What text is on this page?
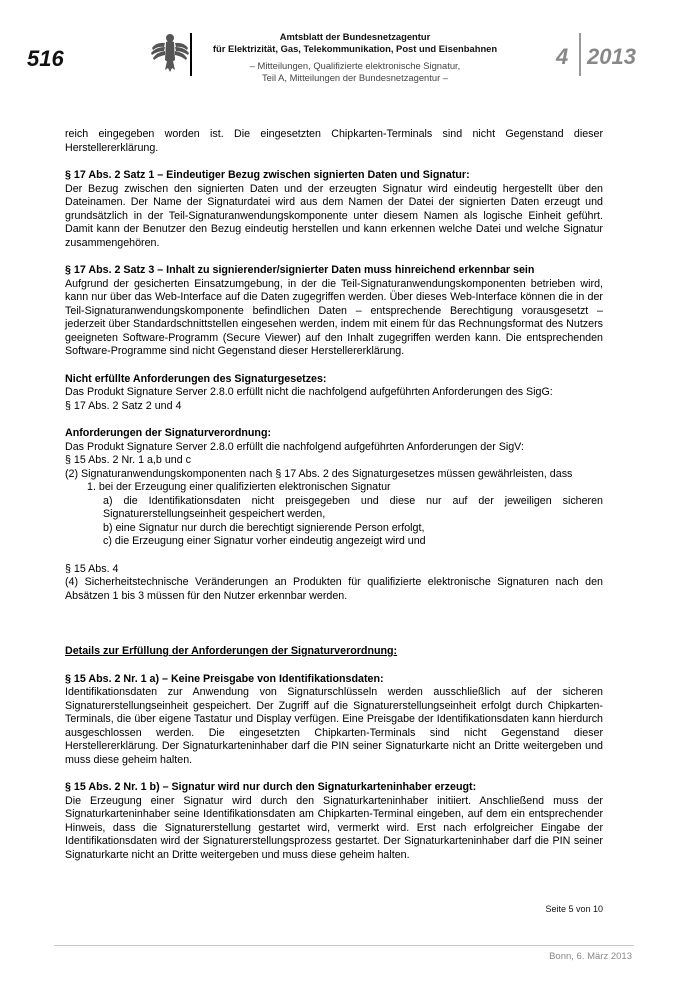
516
Amtsblatt der Bundesnetzagentur
für Elektrizität, Gas, Telekommunikation, Post und Eisenbahnen
– Mitteilungen, Qualifizierte elektronische Signatur,
Teil A, Mitteilungen der Bundesnetzagentur –
4 2013

reich eingegeben worden ist. Die eingesetzten Chipkarten-Terminals sind nicht Gegenstand dieser Herstellererklärung.

§ 17 Abs. 2 Satz 1 – Eindeutiger Bezug zwischen signierten Daten und Signatur:

Der Bezug zwischen den signierten Daten und der erzeugten Signatur wird eindeutig hergestellt über den Dateinamen. Der Name der Signaturdatei wird aus dem Namen der Datei der signierten Daten erzeugt und grundsätzlich in der Teil-Signaturanwendungskomponente unter diesem Namen als logische Einheit geführt. Damit kann der Benutzer den Bezug eindeutig herstellen und kann erkennen welche Datei und welche Signatur zusammengehören.

§ 17 Abs. 2 Satz 3 – Inhalt zu signierender/signierter Daten muss hinreichend erkennbar sein

Aufgrund der gesicherten Einsatzumgebung, in der die Teil-Signaturanwendungskomponenten betrieben wird, kann nur über das Web-Interface auf die Daten zugegriffen werden. Über dieses Web-Interface können die in der Teil-Signaturanwendungskomponente befindlichen Daten – entsprechende Berechtigung vorausgesetzt – jederzeit über Standardschnittstellen eingesehen werden, indem mit einem für das Rechnungsformat des Nutzers geeigneten Software-Programm (Secure Viewer) auf den Inhalt zugegriffen werden kann. Die entsprechenden Software-Programme sind nicht Gegenstand dieser Herstellererklärung.

Nicht erfüllte Anforderungen des Signaturgesetzes:

Das Produkt Signature Server 2.8.0 erfüllt nicht die nachfolgend aufgeführten Anforderungen des SigG:

§ 17 Abs. 2 Satz 2 und 4

Anforderungen der Signaturverordnung:

Das Produkt Signature Server 2.8.0 erfüllt die nachfolgend aufgeführten Anforderungen der SigV:

§ 15 Abs. 2 Nr. 1 a,b und c

(2) Signaturanwendungskomponenten nach § 17 Abs. 2 des Signaturgesetzes müssen gewährleisten, dass

1. bei der Erzeugung einer qualifizierten elektronischen Signatur

a) die Identifikationsdaten nicht preisgegeben und diese nur auf der jeweiligen sicheren Signaturerstellungseinheit gespeichert werden,

b) eine Signatur nur durch die berechtigt signierende Person erfolgt,

c) die Erzeugung einer Signatur vorher eindeutig angezeigt wird und

§ 15 Abs. 4

(4) Sicherheitstechnische Veränderungen an Produkten für qualifizierte elektronische Signaturen nach den Absätzen 1 bis 3 müssen für den Nutzer erkennbar werden.

Details zur Erfüllung der Anforderungen der Signaturverordnung:

§ 15 Abs. 2 Nr. 1 a) – Keine Preisgabe von Identifikationsdaten:

Identifikationsdaten zur Anwendung von Signaturschlüsseln werden ausschließlich auf der sicheren Signaturerstellungseinheit gespeichert. Der Zugriff auf die Signaturerstellungseinheit erfolgt durch Chipkarten-Terminals, die über eigene Tastatur und Display verfügen. Eine Preisgabe der Identifikationsdaten kann hierdurch ausgeschlossen werden. Die eingesetzten Chipkarten-Terminals sind nicht Gegenstand dieser Herstellererklärung. Der Signaturkarteninhaber darf die PIN seiner Signaturkarte nicht an Dritte weitergeben und muss diese geheim halten.

§ 15 Abs. 2 Nr. 1 b) – Signatur wird nur durch den Signaturkarteninhaber erzeugt:

Die Erzeugung einer Signatur wird durch den Signaturkarteninhaber initiiert. Anschließend muss der Signaturkarteninhaber seine Identifikationsdaten am Chipkarten-Terminal eingeben, auf dem ein entsprechender Hinweis, dass die Signaturerstellung gestartet wird, vermerkt wird. Erst nach erfolgreicher Eingabe der Identifikationsdaten wird der Signaturerstellungsprozess gestartet. Der Signaturkarteninhaber darf die PIN seiner Signaturkarte nicht an Dritte weitergeben und muss diese geheim halten.

Seite 5 von 10
Bonn, 6. März 2013
